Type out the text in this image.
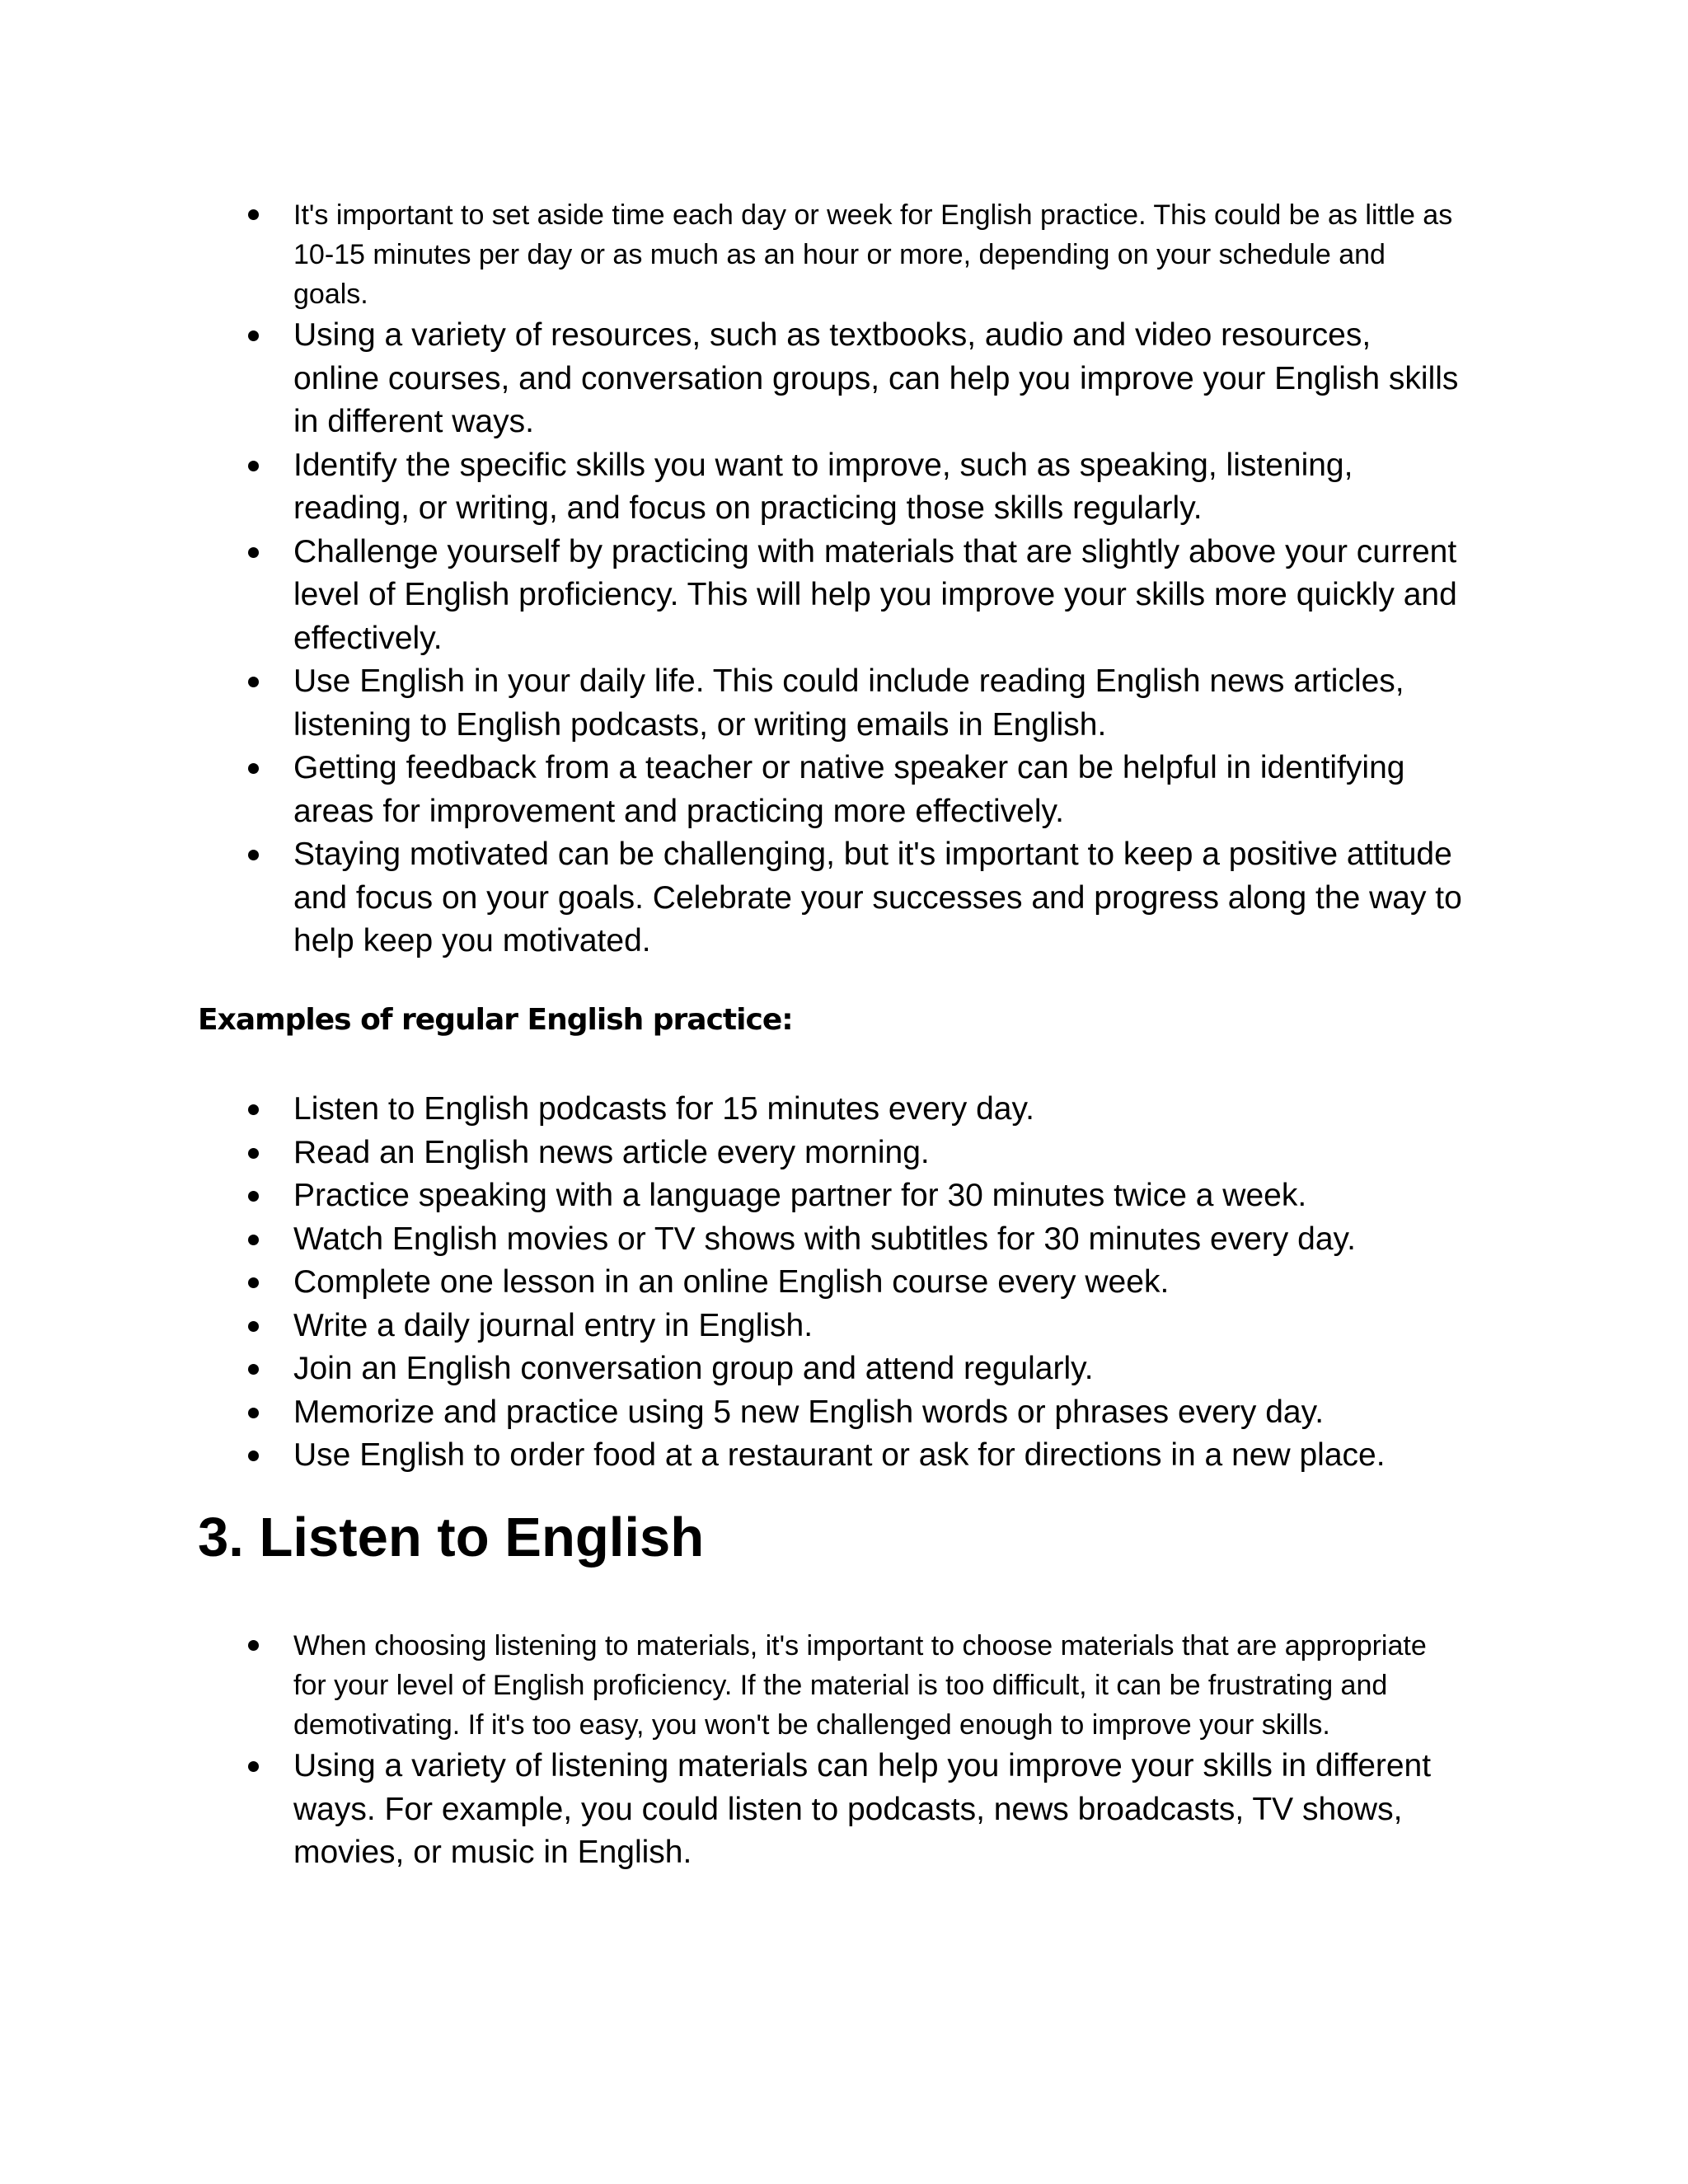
It's important to set aside time each day or week for English practice. This could be as little as 10-15 minutes per day or as much as an hour or more, depending on your schedule and goals.
Using a variety of resources, such as textbooks, audio and video resources, online courses, and conversation groups, can help you improve your English skills in different ways.
Identify the specific skills you want to improve, such as speaking, listening, reading, or writing, and focus on practicing those skills regularly.
Challenge yourself by practicing with materials that are slightly above your current level of English proficiency. This will help you improve your skills more quickly and effectively.
Use English in your daily life. This could include reading English news articles, listening to English podcasts, or writing emails in English.
Getting feedback from a teacher or native speaker can be helpful in identifying areas for improvement and practicing more effectively.
Staying motivated can be challenging, but it's important to keep a positive attitude and focus on your goals. Celebrate your successes and progress along the way to help keep you motivated.
Examples of regular English practice:
Listen to English podcasts for 15 minutes every day.
Read an English news article every morning.
Practice speaking with a language partner for 30 minutes twice a week.
Watch English movies or TV shows with subtitles for 30 minutes every day.
Complete one lesson in an online English course every week.
Write a daily journal entry in English.
Join an English conversation group and attend regularly.
Memorize and practice using 5 new English words or phrases every day.
Use English to order food at a restaurant or ask for directions in a new place.
3. Listen to English
When choosing listening to materials, it's important to choose materials that are appropriate for your level of English proficiency. If the material is too difficult, it can be frustrating and demotivating. If it's too easy, you won't be challenged enough to improve your skills.
Using a variety of listening materials can help you improve your skills in different ways. For example, you could listen to podcasts, news broadcasts, TV shows, movies, or music in English.
